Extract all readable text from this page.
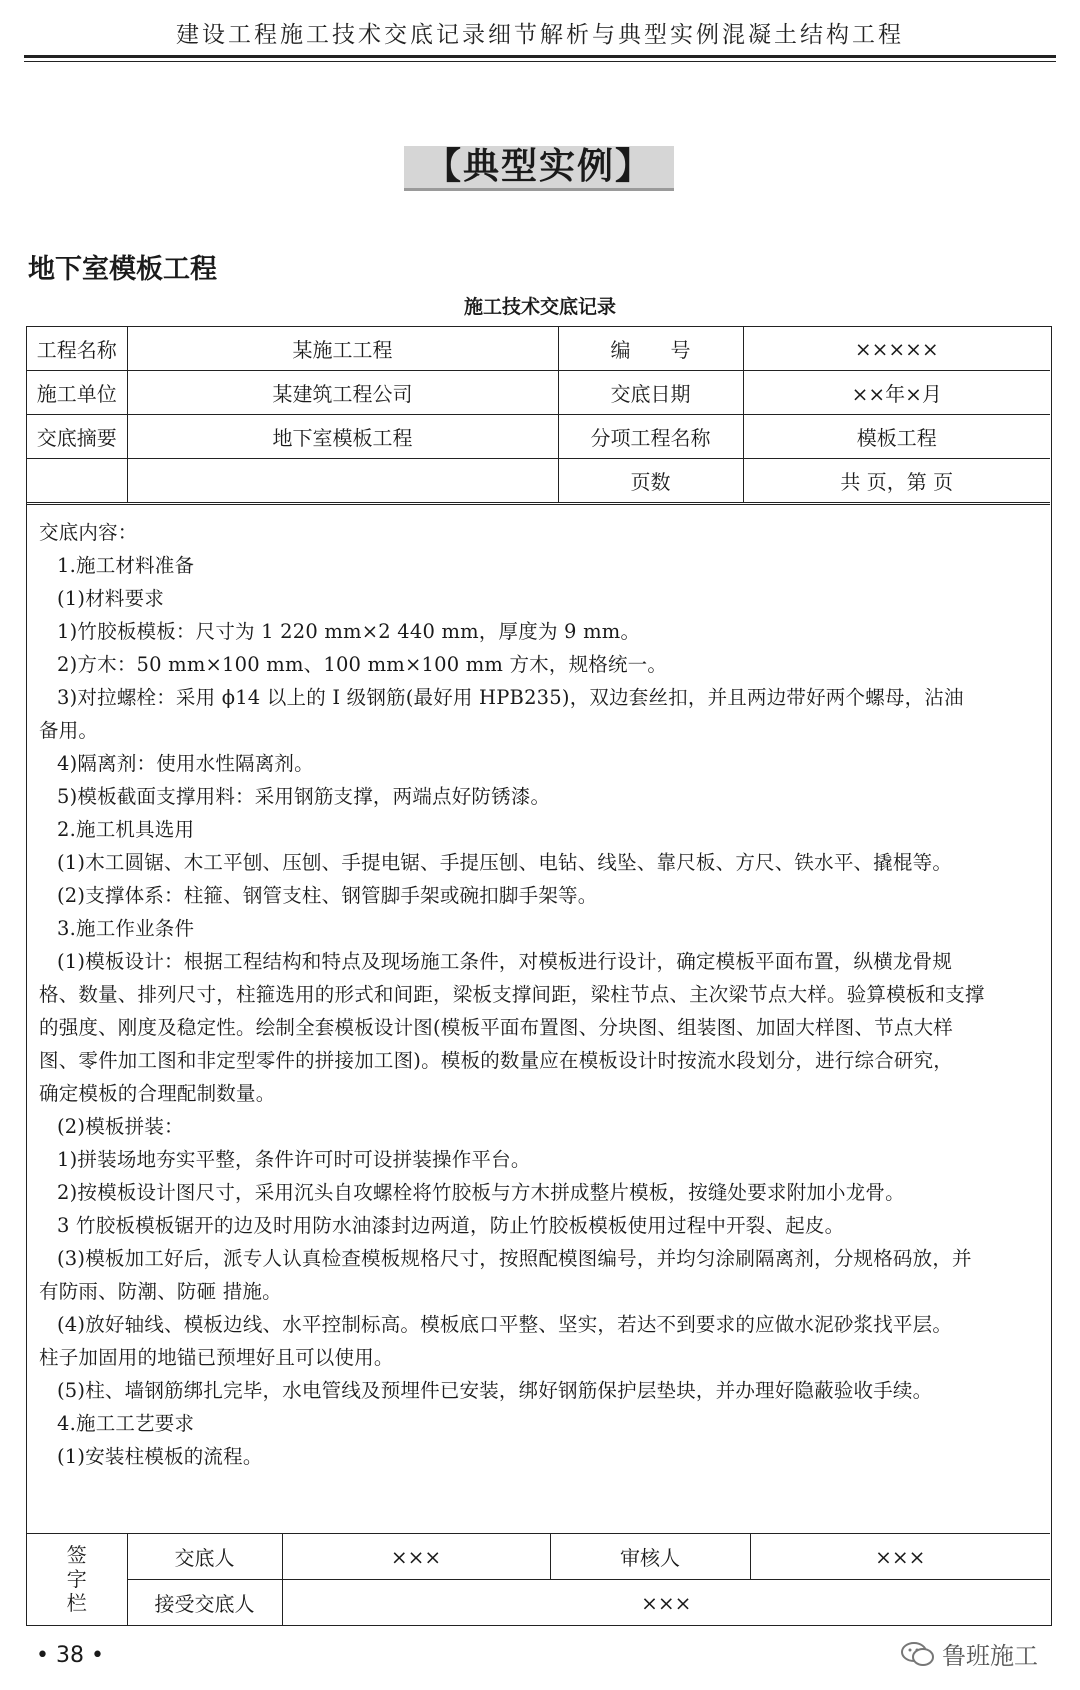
建设工程施工技术交底记录细节解析与典型实例混凝土结构工程
【典型实例】
地下室模板工程
施工技术交底记录
工程名称	某施工工程	编　　号	×××××
施工单位	某建筑工程公司	交底日期	××年×月
交底摘要	地下室模板工程	分项工程名称	模板工程
		页数	共 页，第 页
交底内容：
1.施工材料准备
(1)材料要求
1)竹胶板模板：尺寸为 1 220 mm×2 440 mm，厚度为 9 mm。
2)方木：50 mm×100 mm、100 mm×100 mm 方木，规格统一。
3)对拉螺栓：采用 ϕ14 以上的 Ⅰ 级钢筋(最好用 HPB235)，双边套丝扣，并且两边带好两个螺母，沾油
备用。
4)隔离剂：使用水性隔离剂。
5)模板截面支撑用料：采用钢筋支撑，两端点好防锈漆。
2.施工机具选用
(1)木工圆锯、木工平刨、压刨、手提电锯、手提压刨、电钻、线坠、靠尺板、方尺、铁水平、撬棍等。
(2)支撑体系：柱箍、钢管支柱、钢管脚手架或碗扣脚手架等。
3.施工作业条件
(1)模板设计：根据工程结构和特点及现场施工条件，对模板进行设计，确定模板平面布置，纵横龙骨规
格、数量、排列尺寸，柱箍选用的形式和间距，梁板支撑间距，梁柱节点、主次梁节点大样。验算模板和支撑
的强度、刚度及稳定性。绘制全套模板设计图(模板平面布置图、分块图、组装图、加固大样图、节点大样
图、零件加工图和非定型零件的拼接加工图)。模板的数量应在模板设计时按流水段划分，进行综合研究，
确定模板的合理配制数量。
(2)模板拼装：
1)拼装场地夯实平整，条件许可时可设拼装操作平台。
2)按模板设计图尺寸，采用沉头自攻螺栓将竹胶板与方木拼成整片模板，按缝处要求附加小龙骨。
3 竹胶板模板锯开的边及时用防水油漆封边两道，防止竹胶板模板使用过程中开裂、起皮。
(3)模板加工好后，派专人认真检查模板规格尺寸，按照配模图编号，并均匀涂刷隔离剂，分规格码放，并
有防雨、防潮、防砸 措施。
(4)放好轴线、模板边线、水平控制标高。模板底口平整、坚实，若达不到要求的应做水泥砂浆找平层。
柱子加固用的地锚已预埋好且可以使用。
(5)柱、墙钢筋绑扎完毕，水电管线及预埋件已安装，绑好钢筋保护层垫块，并办理好隐蔽验收手续。
4.施工工艺要求
(1)安装柱模板的流程。
签
字
栏	交底人	×××	审核人	×××
	接受交底人	×××		
• 38 •	鲁班施工
